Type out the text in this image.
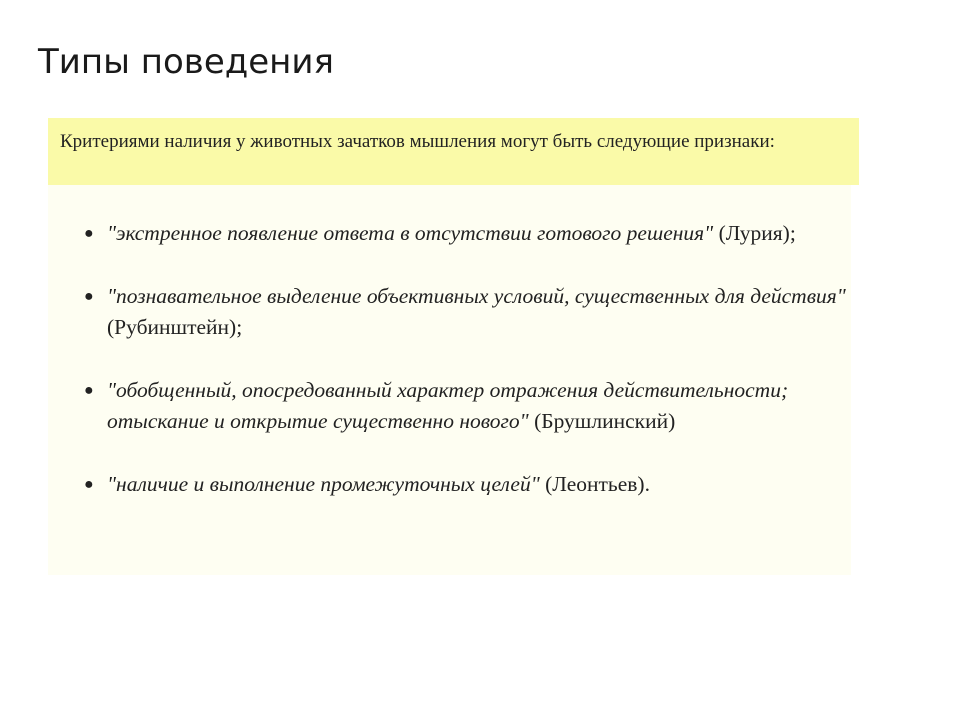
Типы поведения
Критериями наличия у животных зачатков мышления могут быть следующие признаки:
● "экстренное появление ответа в отсутствии готового решения" (Лурия);
● "познавательное выделение объективных условий, существенных для действия" (Рубинштейн);
● "обобщенный, опосредованный характер отражения действительности; отыскание и открытие существенно нового" (Брушлинский)
● "наличие и выполнение промежуточных целей" (Леонтьев).
